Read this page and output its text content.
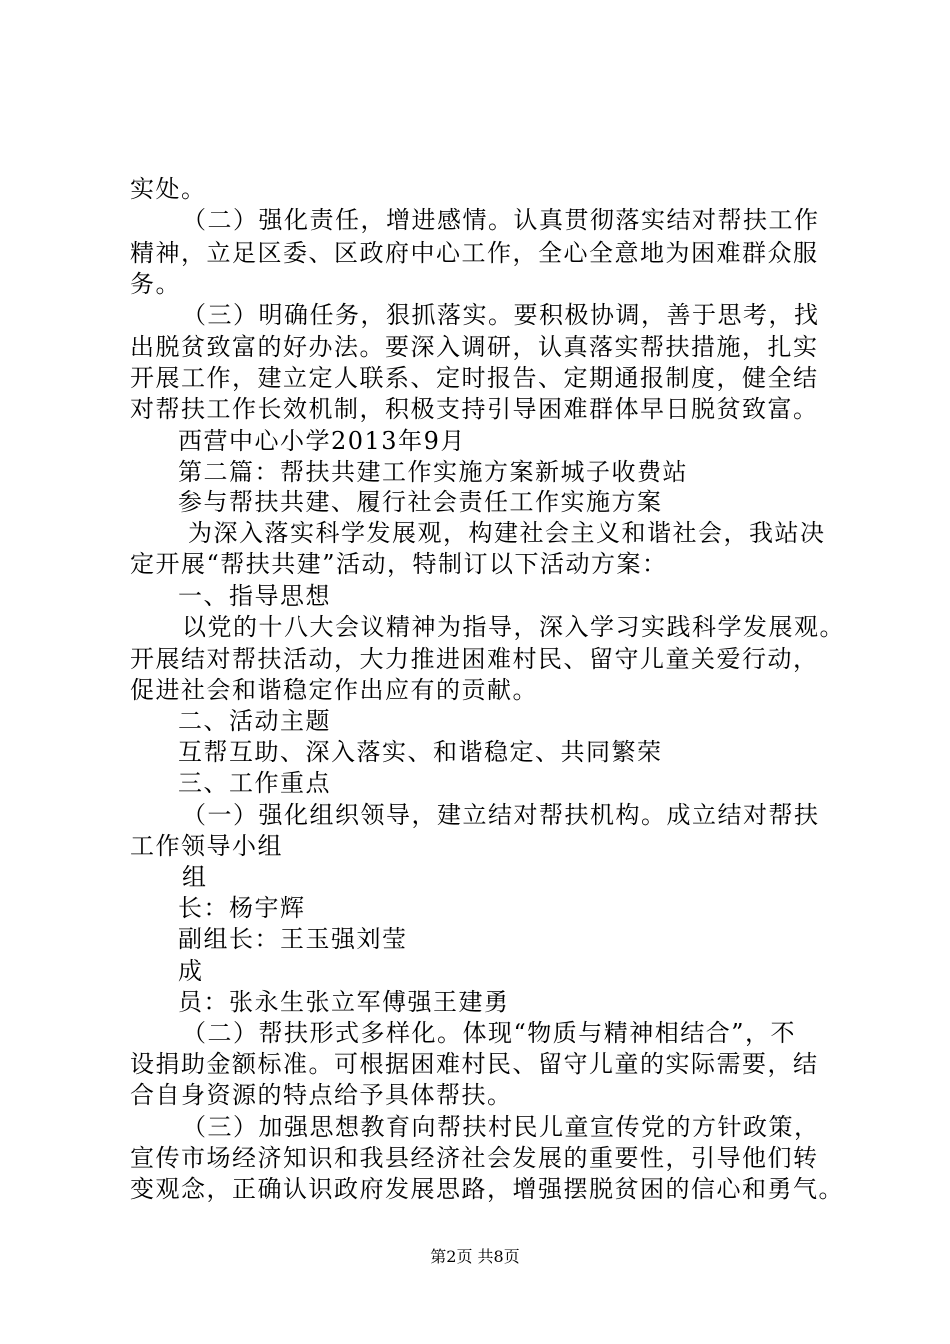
实处。
（二）强化责任，增进感情。认真贯彻落实结对帮扶工作
精神，立足区委、区政府中心工作，全心全意地为困难群众服
务。
（三）明确任务，狠抓落实。要积极协调，善于思考，找
出脱贫致富的好办法。要深入调研，认真落实帮扶措施，扎实
开展工作，建立定人联系、定时报告、定期通报制度，健全结
对帮扶工作长效机制，积极支持引导困难群体早日脱贫致富。
西营中心小学2013年9月
第二篇：帮扶共建工作实施方案新城子收费站
参与帮扶共建、履行社会责任工作实施方案
为深入落实科学发展观，构建社会主义和谐社会，我站决
定开展“帮扶共建”活动，特制订以下活动方案：
一、指导思想
以党的十八大会议精神为指导，深入学习实践科学发展观。
开展结对帮扶活动，大力推进困难村民、留守儿童关爱行动，
促进社会和谐稳定作出应有的贡献。
二、活动主题
互帮互助、深入落实、和谐稳定、共同繁荣
三、工作重点
（一）强化组织领导，建立结对帮扶机构。成立结对帮扶
工作领导小组
组
长：杨宇辉
副组长：王玉强刘莹
成
员：张永生张立军傅强王建勇
（二）帮扶形式多样化。体现“物质与精神相结合”，不
设捐助金额标准。可根据困难村民、留守儿童的实际需要，结
合自身资源的特点给予具体帮扶。
（三）加强思想教育向帮扶村民儿童宣传党的方针政策，
宣传市场经济知识和我县经济社会发展的重要性，引导他们转
变观念，正确认识政府发展思路，增强摆脱贫困的信心和勇气。
第2页 共8页
